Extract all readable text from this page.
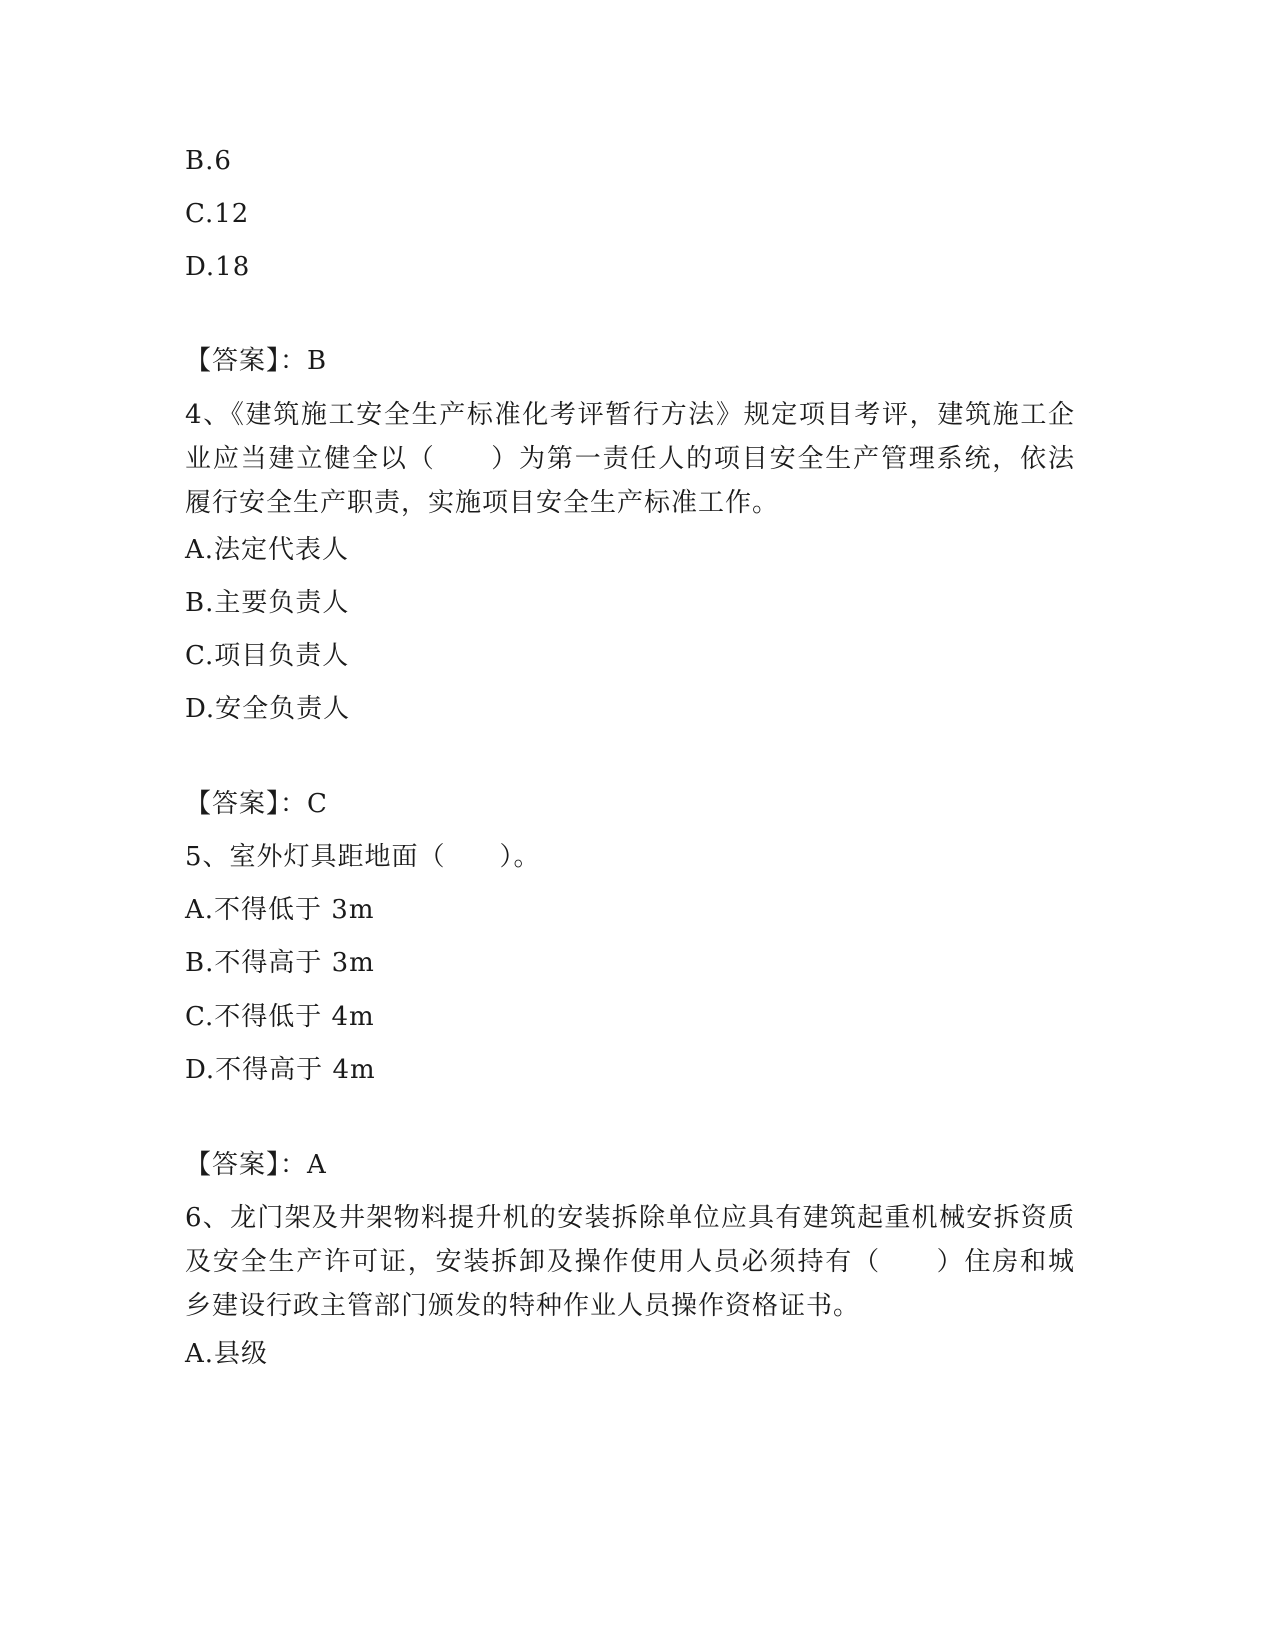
B.6
C.12
D.18
【答案】：B
4、《建筑施工安全生产标准化考评暂行方法》规定项目考评，建筑施工企业应当建立健全以（　　）为第一责任人的项目安全生产管理系统，依法履行安全生产职责，实施项目安全生产标准工作。
A.法定代表人
B.主要负责人
C.项目负责人
D.安全负责人
【答案】：C
5、室外灯具距地面（　　）。
A.不得低于 3m
B.不得高于 3m
C.不得低于 4m
D.不得高于 4m
【答案】：A
6、龙门架及井架物料提升机的安装拆除单位应具有建筑起重机械安拆资质及安全生产许可证，安装拆卸及操作使用人员必须持有（　　）住房和城乡建设行政主管部门颁发的特种作业人员操作资格证书。
A.县级
